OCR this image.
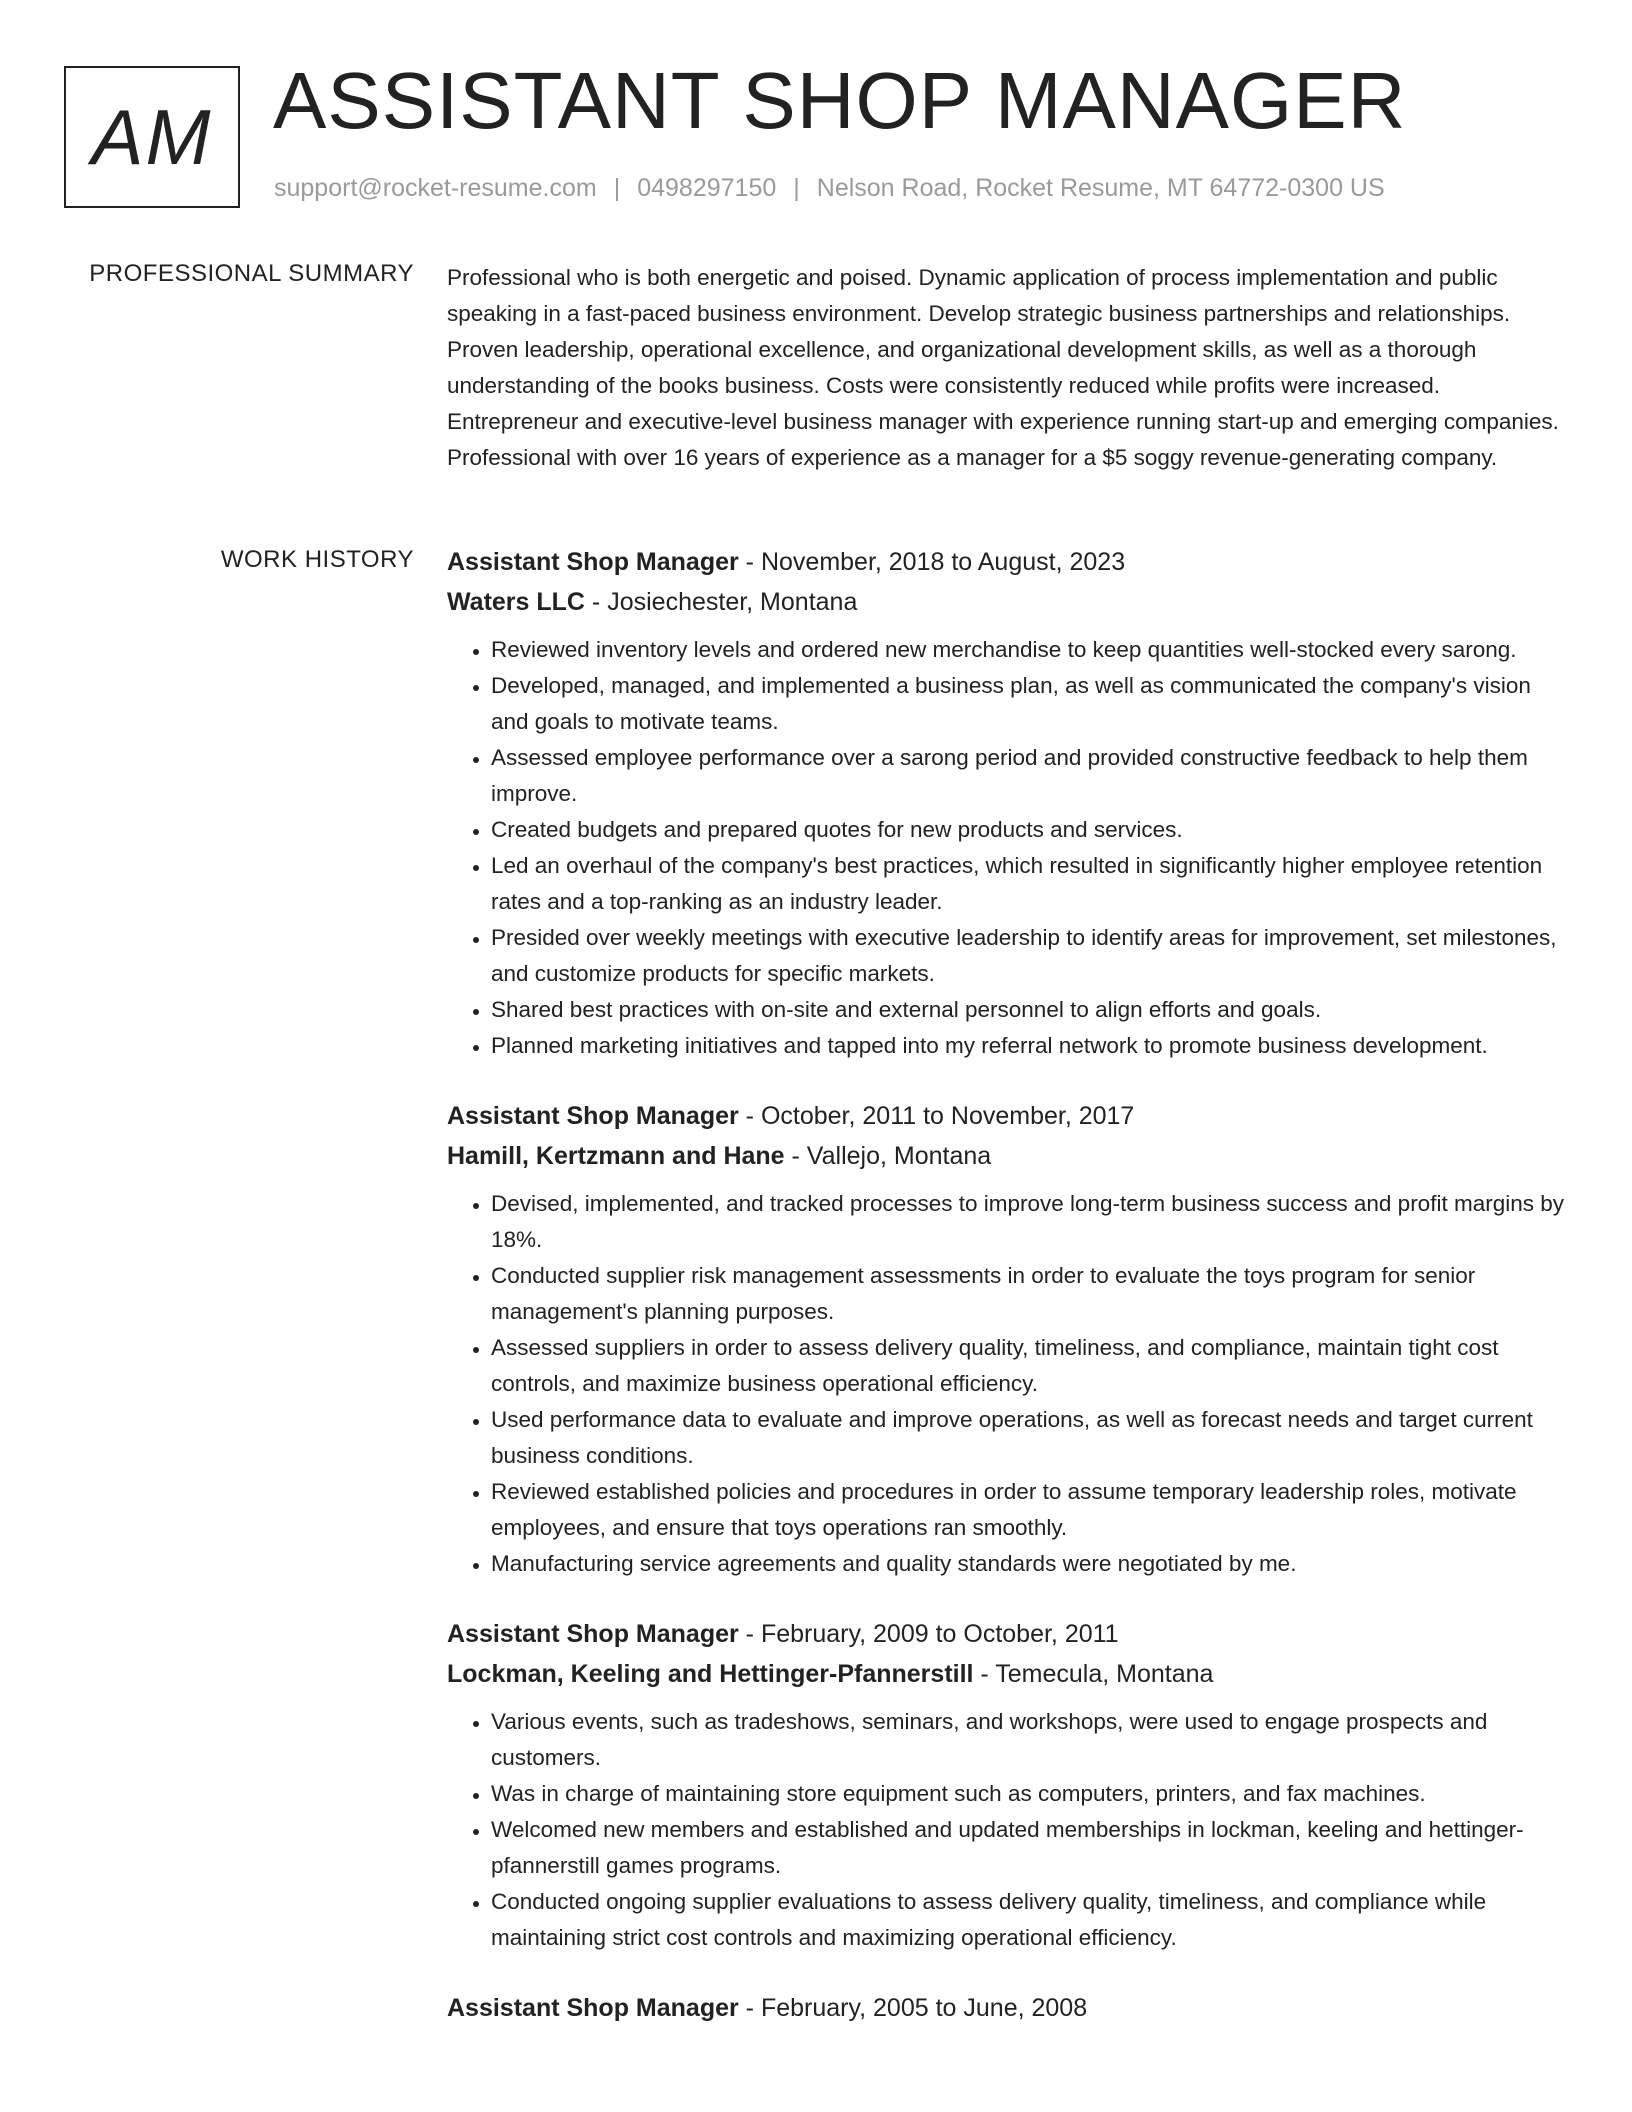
AM ASSISTANT SHOP MANAGER
support@rocket-resume.com | 0498297150 | Nelson Road, Rocket Resume, MT 64772-0300 US
PROFESSIONAL SUMMARY Professional who is both energetic and poised. Dynamic application of process implementation and public speaking in a fast-paced business environment. Develop strategic business partnerships and relationships. Proven leadership, operational excellence, and organizational development skills, as well as a thorough understanding of the books business. Costs were consistently reduced while profits were increased. Entrepreneur and executive-level business manager with experience running start-up and emerging companies. Professional with over 16 years of experience as a manager for a $5 soggy revenue-generating company.

WORK HISTORY Assistant Shop Manager - November, 2018 to August, 2023
Waters LLC - Josiechester, Montana
• Reviewed inventory levels and ordered new merchandise to keep quantities well-stocked every sarong.
• Developed, managed, and implemented a business plan, as well as communicated the company's vision and goals to motivate teams.
• Assessed employee performance over a sarong period and provided constructive feedback to help them improve.
• Created budgets and prepared quotes for new products and services.
• Led an overhaul of the company's best practices, which resulted in significantly higher employee retention rates and a top-ranking as an industry leader.
• Presided over weekly meetings with executive leadership to identify areas for improvement, set milestones, and customize products for specific markets.
• Shared best practices with on-site and external personnel to align efforts and goals.
• Planned marketing initiatives and tapped into my referral network to promote business development.
Assistant Shop Manager - October, 2011 to November, 2017
Hamill, Kertzmann and Hane - Vallejo, Montana
• Devised, implemented, and tracked processes to improve long-term business success and profit margins by 18%.
• Conducted supplier risk management assessments in order to evaluate the toys program for senior management's planning purposes.
• Assessed suppliers in order to assess delivery quality, timeliness, and compliance, maintain tight cost controls, and maximize business operational efficiency.
• Used performance data to evaluate and improve operations, as well as forecast needs and target current business conditions.
• Reviewed established policies and procedures in order to assume temporary leadership roles, motivate employees, and ensure that toys operations ran smoothly.
• Manufacturing service agreements and quality standards were negotiated by me.
Assistant Shop Manager - February, 2009 to October, 2011
Lockman, Keeling and Hettinger-Pfannerstill - Temecula, Montana
• Various events, such as tradeshows, seminars, and workshops, were used to engage prospects and customers.
• Was in charge of maintaining store equipment such as computers, printers, and fax machines.
• Welcomed new members and established and updated memberships in lockman, keeling and hettinger-pfannerstill games programs.
• Conducted ongoing supplier evaluations to assess delivery quality, timeliness, and compliance while maintaining strict cost controls and maximizing operational efficiency.
Assistant Shop Manager - February, 2005 to June, 2008
